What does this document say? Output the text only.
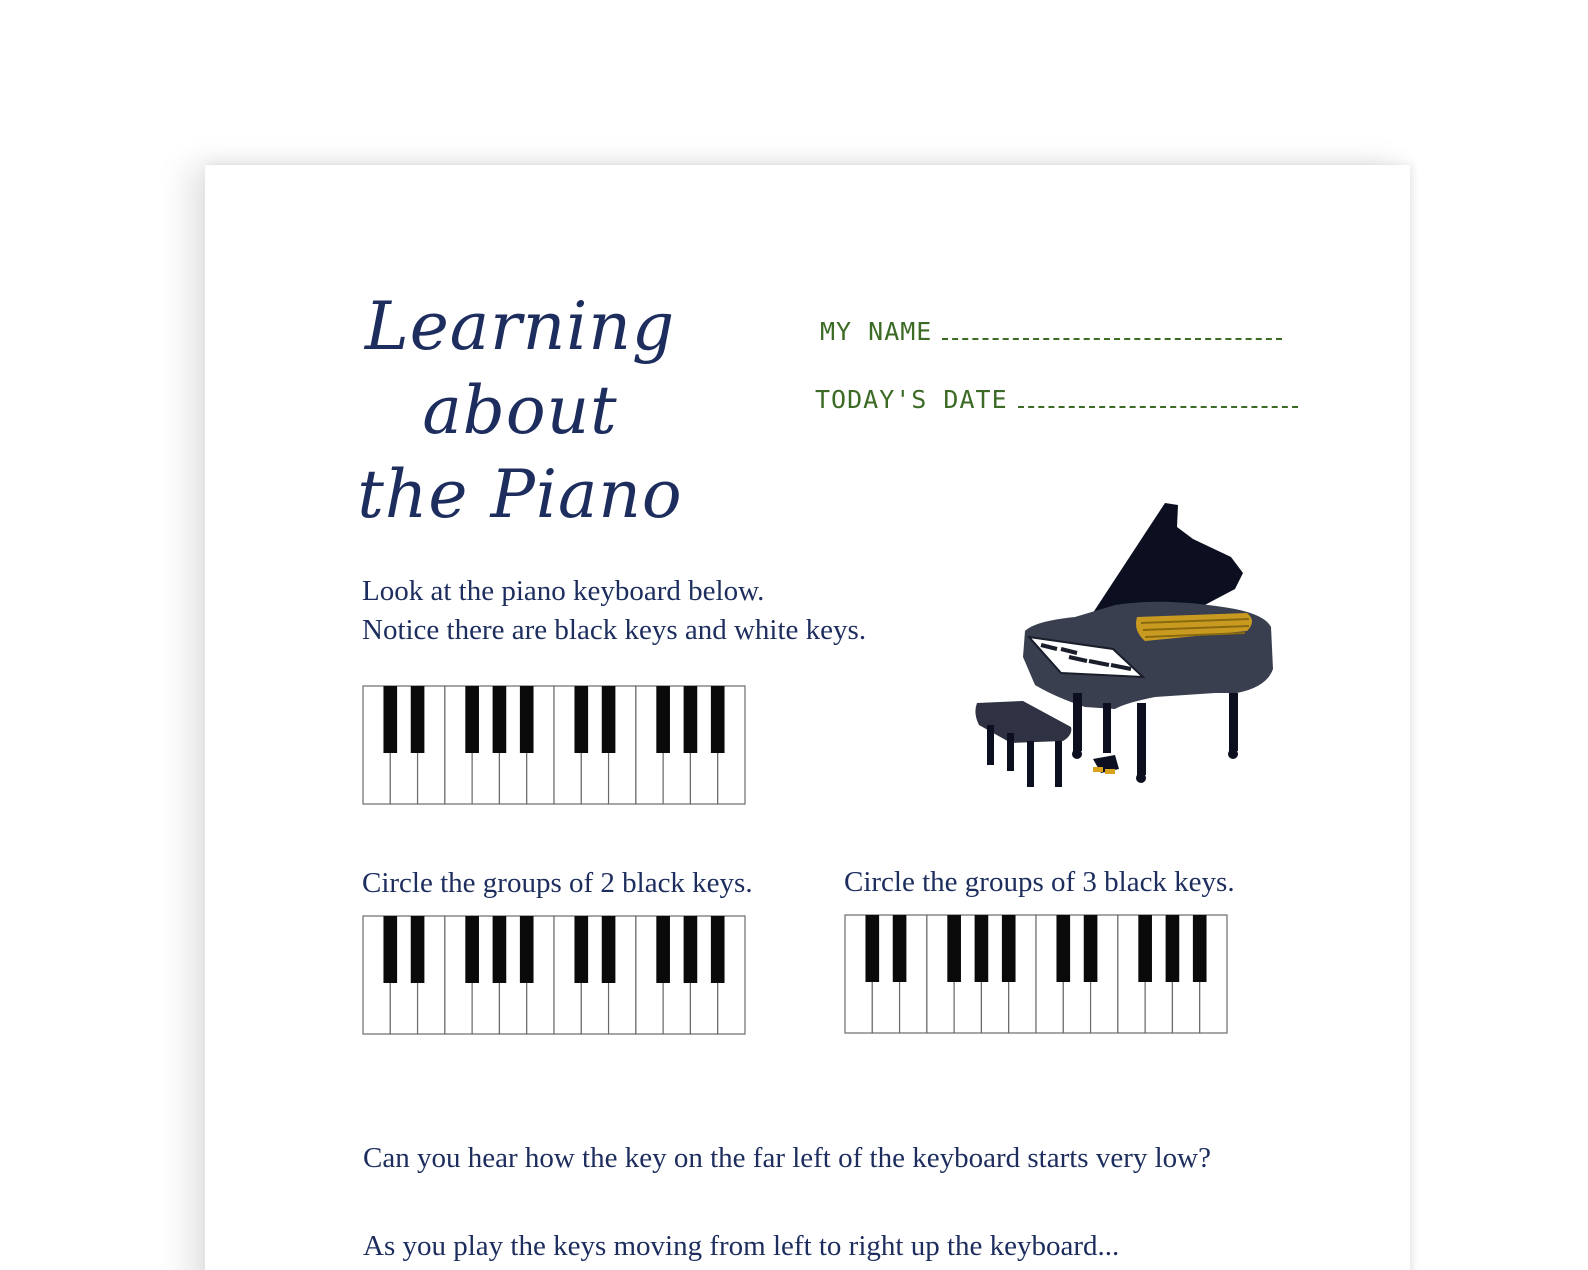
Learning about
the Piano
MY NAME
TODAY'S DATE
Look at the piano keyboard below.
Notice there are black keys and white keys.
Circle the groups of 2 black keys.	Circle the groups of 3 black keys.
Can you hear how the key on the far left of the keyboard starts very low?
As you play the keys moving from left to right up the keyboard...
